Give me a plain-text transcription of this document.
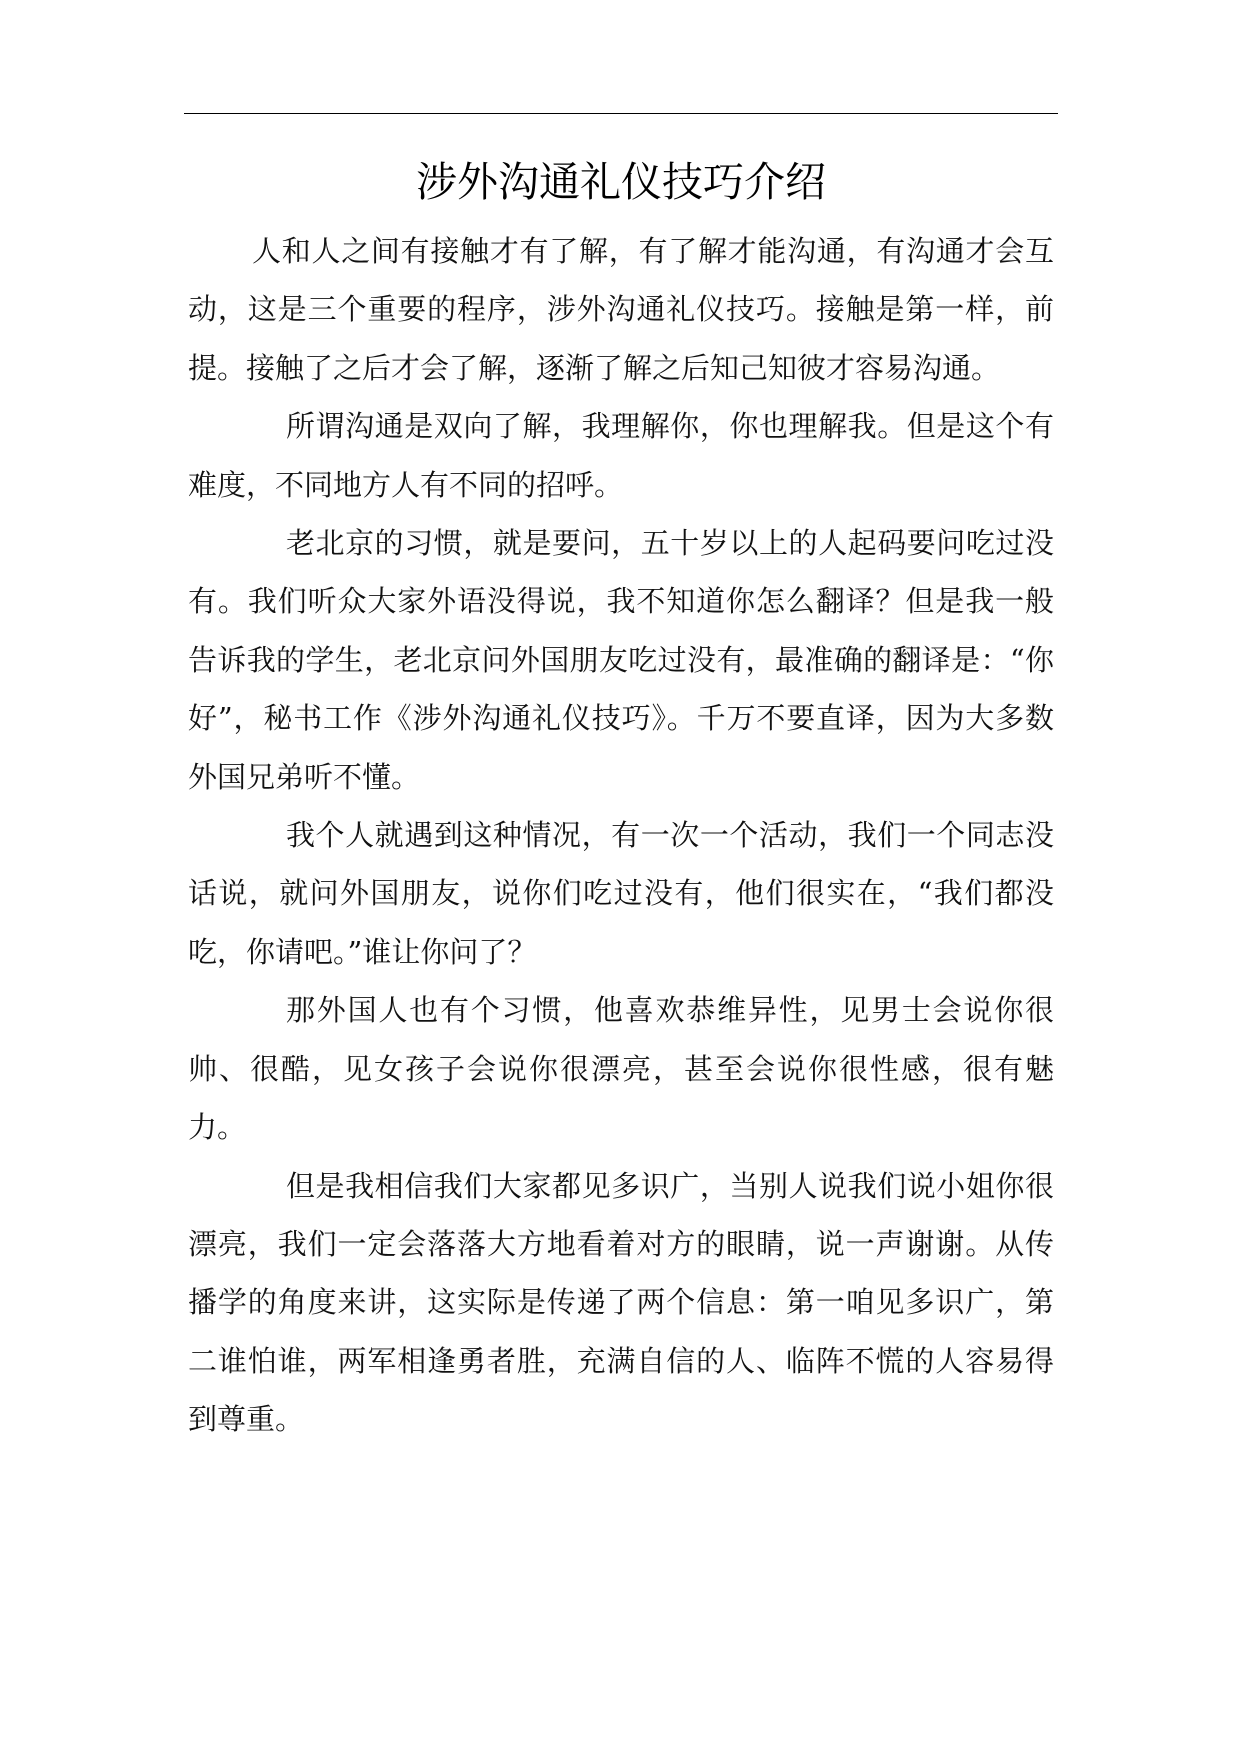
涉外沟通礼仪技巧介绍

人和人之间有接触才有了解，有了解才能沟通，有沟通才会互动，这是三个重要的程序，涉外沟通礼仪技巧。接触是第一样，前提。接触了之后才会了解，逐渐了解之后知己知彼才容易沟通。

所谓沟通是双向了解，我理解你，你也理解我。但是这个有难度，不同地方人有不同的招呼。

老北京的习惯，就是要问，五十岁以上的人起码要问吃过没有。我们听众大家外语没得说，我不知道你怎么翻译？但是我一般告诉我的学生，老北京问外国朋友吃过没有，最准确的翻译是：“你好”，秘书工作《涉外沟通礼仪技巧》。千万不要直译，因为大多数外国兄弟听不懂。

我个人就遇到这种情况，有一次一个活动，我们一个同志没话说，就问外国朋友，说你们吃过没有，他们很实在，“我们都没吃，你请吧。”谁让你问了？

那外国人也有个习惯，他喜欢恭维异性，见男士会说你很帅、很酷，见女孩子会说你很漂亮，甚至会说你很性感，很有魅力。

但是我相信我们大家都见多识广，当别人说我们说小姐你很漂亮，我们一定会落落大方地看着对方的眼睛，说一声谢谢。从传播学的角度来讲，这实际是传递了两个信息：第一咱见多识广，第二谁怕谁，两军相逢勇者胜，充满自信的人、临阵不慌的人容易得到尊重。
